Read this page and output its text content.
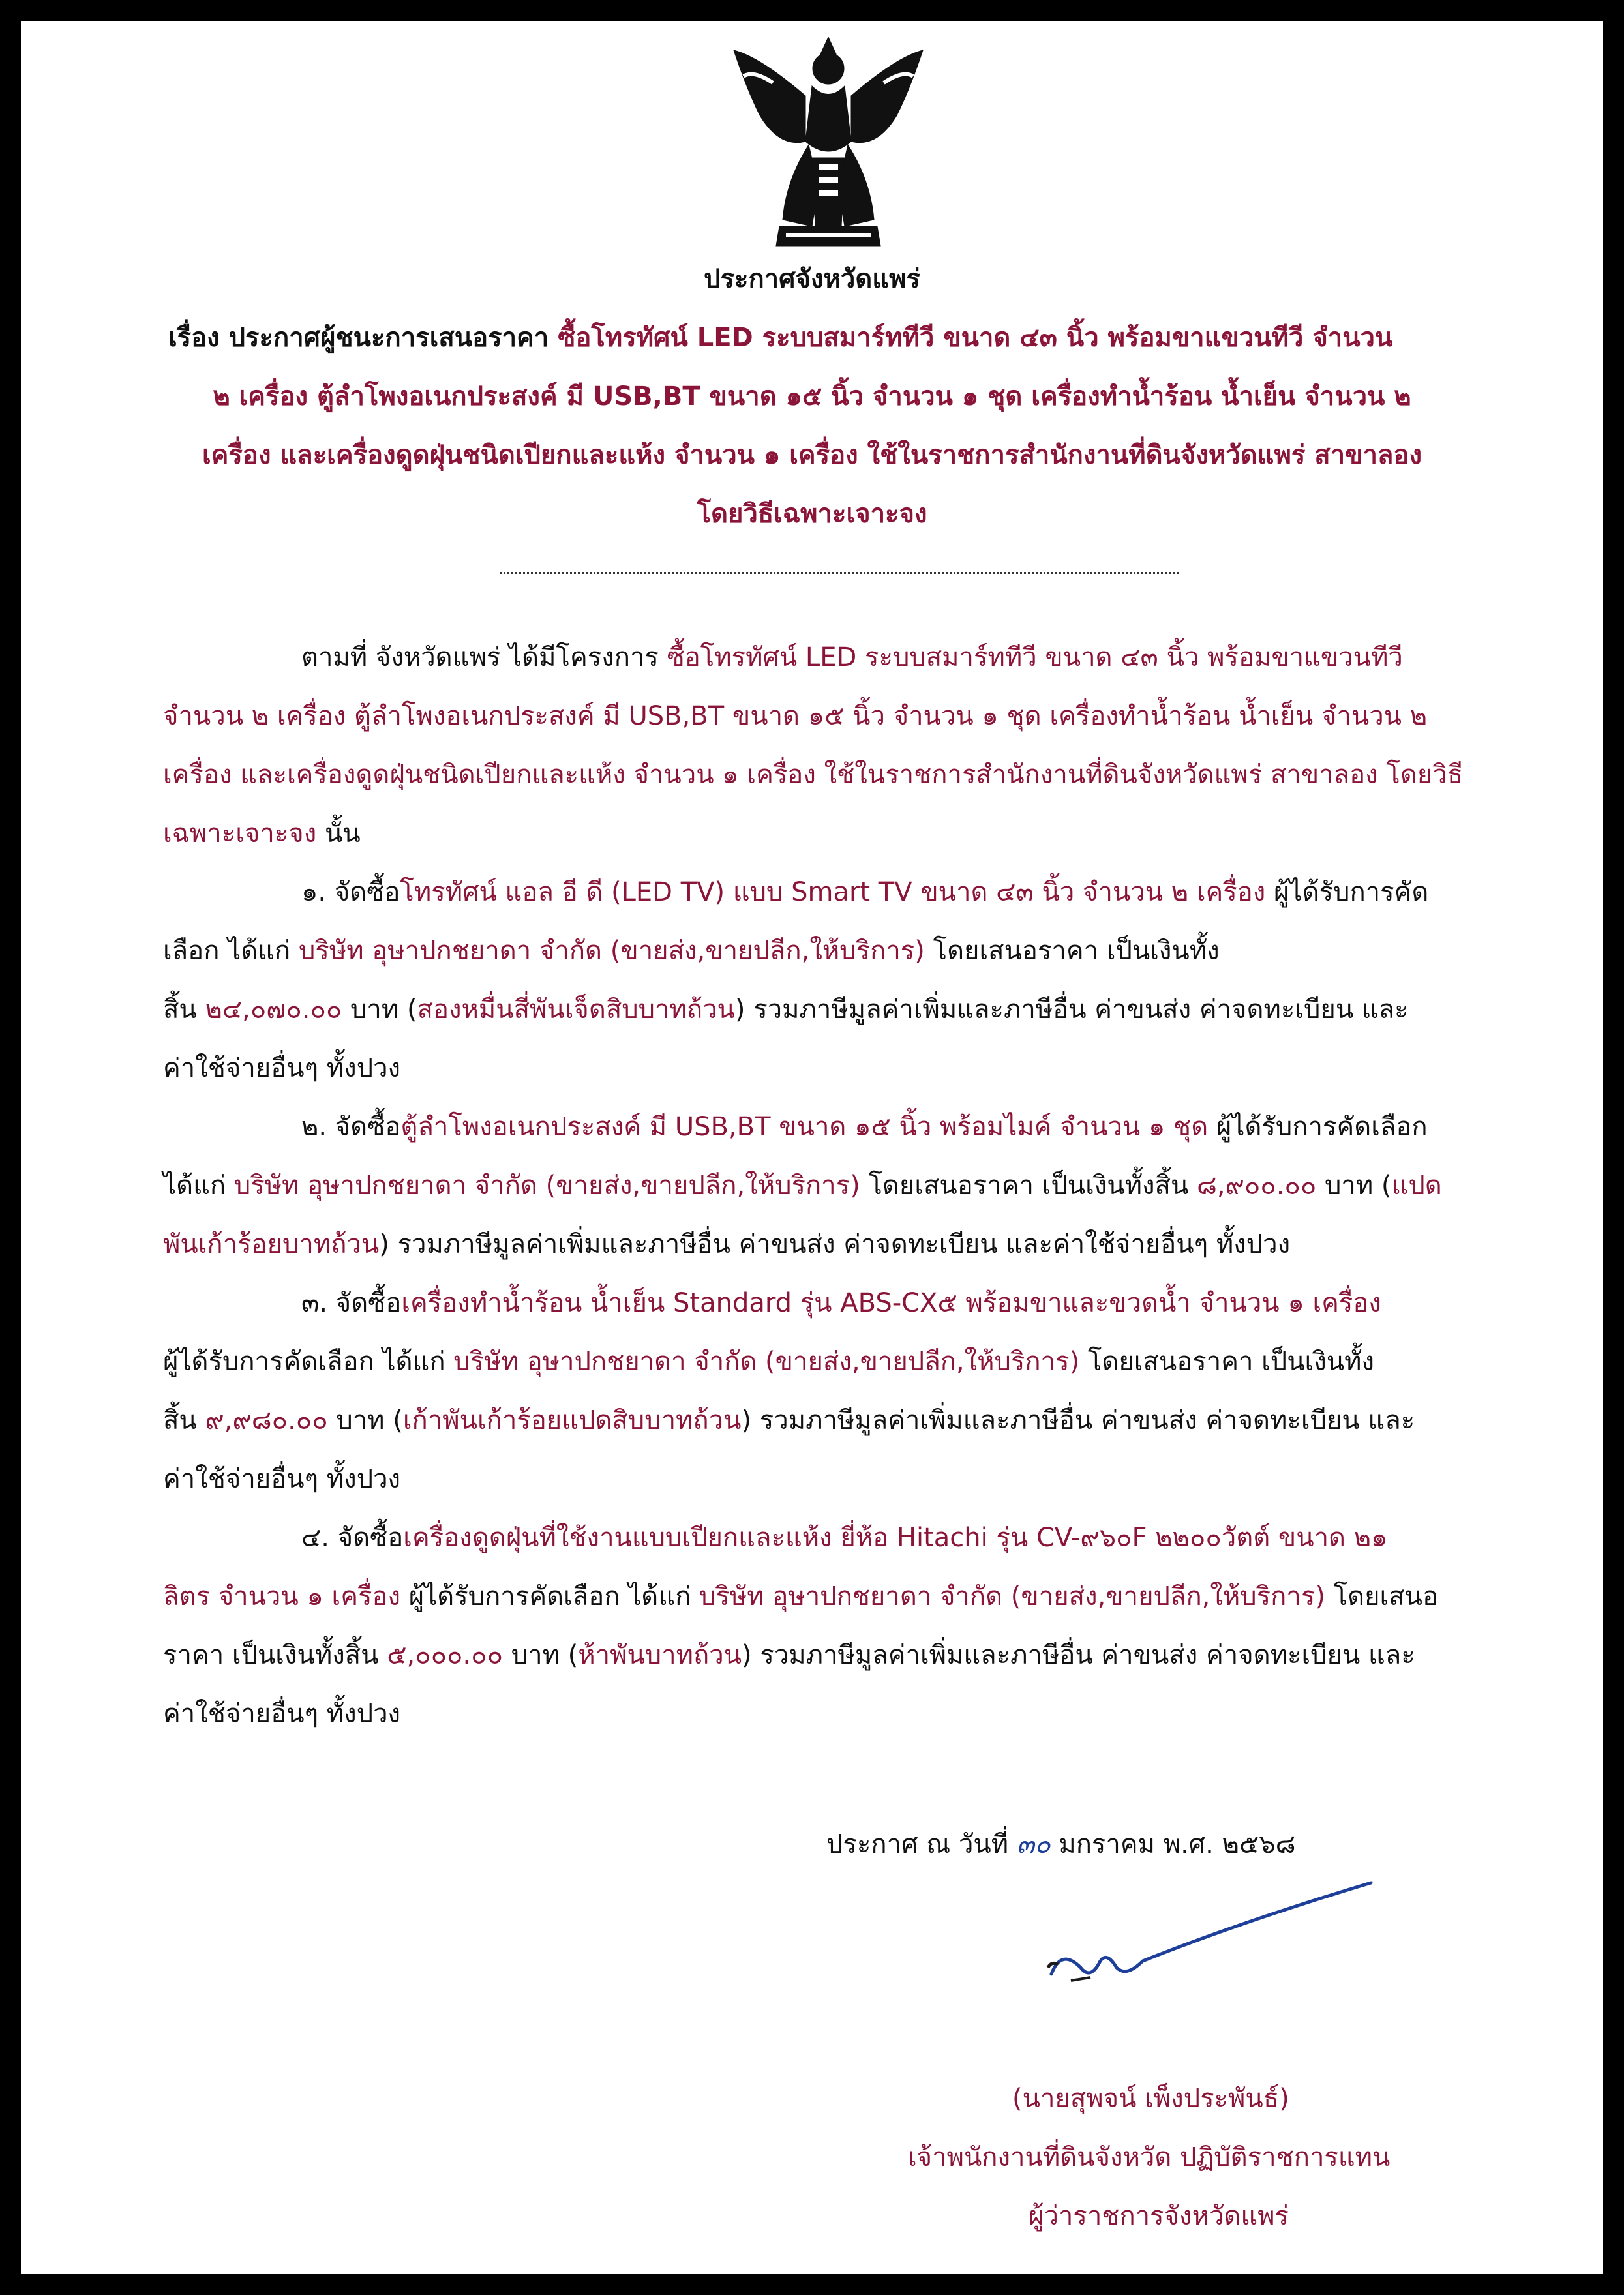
ประกาศจังหวัดแพร่
เรื่อง ประกาศผู้ชนะการเสนอราคา ซื้อโทรทัศน์ LED ระบบสมาร์ททีวี ขนาด ๔๓ นิ้ว พร้อมขาแขวนทีวี จำนวน
๒ เครื่อง ตู้ลำโพงอเนกประสงค์ มี USB,BT ขนาด ๑๕ นิ้ว จำนวน ๑ ชุด เครื่องทำน้ำร้อน น้ำเย็น จำนวน ๒
เครื่อง และเครื่องดูดฝุ่นชนิดเปียกและแห้ง จำนวน ๑ เครื่อง ใช้ในราชการสำนักงานที่ดินจังหวัดแพร่ สาขาลอง
โดยวิธีเฉพาะเจาะจง
ตามที่ จังหวัดแพร่ ได้มีโครงการ ซื้อโทรทัศน์ LED ระบบสมาร์ททีวี ขนาด ๔๓ นิ้ว พร้อมขาแขวนทีวี
จำนวน ๒ เครื่อง ตู้ลำโพงอเนกประสงค์ มี USB,BT ขนาด ๑๕ นิ้ว จำนวน ๑ ชุด เครื่องทำน้ำร้อน น้ำเย็น จำนวน ๒
เครื่อง และเครื่องดูดฝุ่นชนิดเปียกและแห้ง จำนวน ๑ เครื่อง ใช้ในราชการสำนักงานที่ดินจังหวัดแพร่ สาขาลอง โดยวิธี
เฉพาะเจาะจง นั้น
๑. จัดซื้อโทรทัศน์ แอล อี ดี (LED TV) แบบ Smart TV ขนาด ๔๓ นิ้ว จำนวน ๒ เครื่อง ผู้ได้รับการคัด
เลือก ได้แก่ บริษัท อุษาปกชยาดา จำกัด (ขายส่ง,ขายปลีก,ให้บริการ) โดยเสนอราคา เป็นเงินทั้ง
สิ้น ๒๔,๐๗๐.๐๐ บาท (สองหมื่นสี่พันเจ็ดสิบบาทถ้วน) รวมภาษีมูลค่าเพิ่มและภาษีอื่น ค่าขนส่ง ค่าจดทะเบียน และ
ค่าใช้จ่ายอื่นๆ ทั้งปวง
๒. จัดซื้อตู้ลำโพงอเนกประสงค์ มี USB,BT ขนาด ๑๕ นิ้ว พร้อมไมค์ จำนวน ๑ ชุด ผู้ได้รับการคัดเลือก
ได้แก่ บริษัท อุษาปกชยาดา จำกัด (ขายส่ง,ขายปลีก,ให้บริการ) โดยเสนอราคา เป็นเงินทั้งสิ้น ๘,๙๐๐.๐๐ บาท (แปด
พันเก้าร้อยบาทถ้วน) รวมภาษีมูลค่าเพิ่มและภาษีอื่น ค่าขนส่ง ค่าจดทะเบียน และค่าใช้จ่ายอื่นๆ ทั้งปวง
๓. จัดซื้อเครื่องทำน้ำร้อน น้ำเย็น Standard รุ่น ABS-CX๕ พร้อมขาและขวดน้ำ จำนวน ๑ เครื่อง
ผู้ได้รับการคัดเลือก ได้แก่ บริษัท อุษาปกชยาดา จำกัด (ขายส่ง,ขายปลีก,ให้บริการ) โดยเสนอราคา เป็นเงินทั้ง
สิ้น ๙,๙๘๐.๐๐ บาท (เก้าพันเก้าร้อยแปดสิบบาทถ้วน) รวมภาษีมูลค่าเพิ่มและภาษีอื่น ค่าขนส่ง ค่าจดทะเบียน และ
ค่าใช้จ่ายอื่นๆ ทั้งปวง
๔. จัดซื้อเครื่องดูดฝุ่นที่ใช้งานแบบเปียกและแห้ง ยี่ห้อ Hitachi รุ่น CV-๙๖๐F ๒๒๐๐วัตต์ ขนาด ๒๑
ลิตร จำนวน ๑ เครื่อง ผู้ได้รับการคัดเลือก ได้แก่ บริษัท อุษาปกชยาดา จำกัด (ขายส่ง,ขายปลีก,ให้บริการ) โดยเสนอ
ราคา เป็นเงินทั้งสิ้น ๕,๐๐๐.๐๐ บาท (ห้าพันบาทถ้วน) รวมภาษีมูลค่าเพิ่มและภาษีอื่น ค่าขนส่ง ค่าจดทะเบียน และ
ค่าใช้จ่ายอื่นๆ ทั้งปวง
ประกาศ ณ วันที่ ๓๐ มกราคม พ.ศ. ๒๕๖๘
(นายสุพจน์ เพ็งประพันธ์)
เจ้าพนักงานที่ดินจังหวัด ปฏิบัติราชการแทน
ผู้ว่าราชการจังหวัดแพร่
